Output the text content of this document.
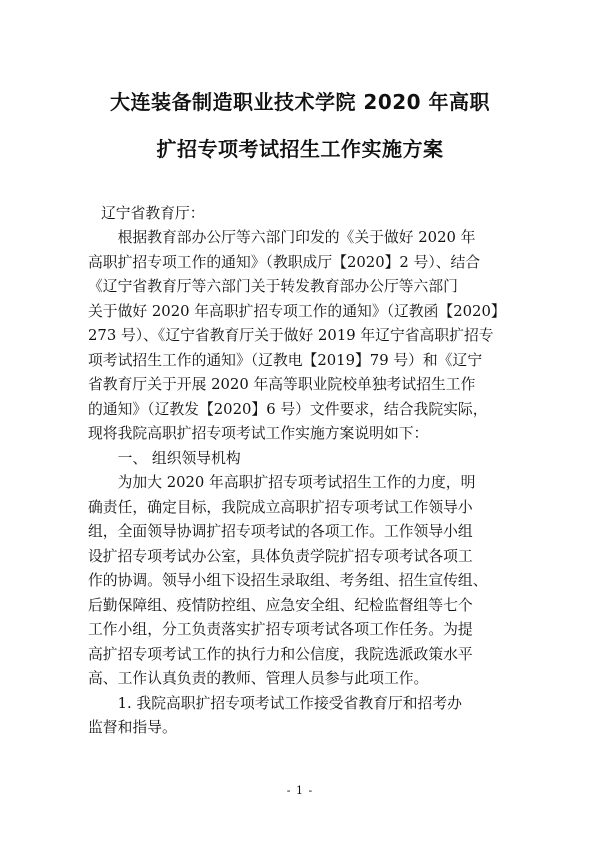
大连装备制造职业技术学院 2020 年高职
扩招专项考试招生工作实施方案
辽宁省教育厅：
　　根据教育部办公厅等六部门印发的《关于做好 2020 年
高职扩招专项工作的通知》（教职成厅【2020】2 号）、结合
《辽宁省教育厅等六部门关于转发教育部办公厅等六部门
关于做好 2020 年高职扩招专项工作的通知》（辽教函【2020】
273 号）、《辽宁省教育厅关于做好 2019 年辽宁省高职扩招专
项考试招生工作的通知》（辽教电【2019】79 号）和《辽宁
省教育厅关于开展 2020 年高等职业院校单独考试招生工作
的通知》（辽教发【2020】6 号）文件要求，结合我院实际，
现将我院高职扩招专项考试工作实施方案说明如下：
　　一、 组织领导机构
　　为加大 2020 年高职扩招专项考试招生工作的力度，明
确责任，确定目标，我院成立高职扩招专项考试工作领导小
组，全面领导协调扩招专项考试的各项工作。工作领导小组
设扩招专项考试办公室，具体负责学院扩招专项考试各项工
作的协调。领导小组下设招生录取组、考务组、招生宣传组、
后勤保障组、疫情防控组、应急安全组、纪检监督组等七个
工作小组，分工负责落实扩招专项考试各项工作任务。为提
高扩招专项考试工作的执行力和公信度，我院选派政策水平
高、工作认真负责的教师、管理人员参与此项工作。
　　1. 我院高职扩招专项考试工作接受省教育厅和招考办
监督和指导。
- 1 -
